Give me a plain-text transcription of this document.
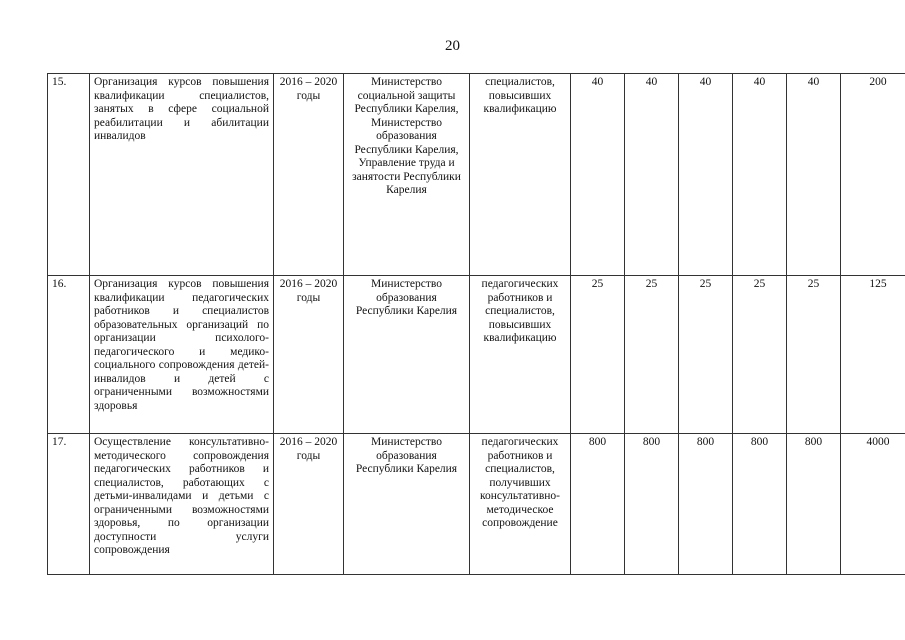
20
15.	Организация курсов повышения квалификации специалистов, занятых в сфере социальной реабилитации и абилитации инвалидов	2016 – 2020 годы	Министерство социальной защиты Республики Карелия, Министерство образования Республики Карелия, Управление труда и занятости Республики Карелия	специалистов, повысивших квалификацию	40	40	40	40	40	200
16.	Организация курсов повышения квалификации педагогических работников и специалистов образовательных организаций по организации психолого-педагогического и медико-социального сопровождения детей-инвалидов и детей с ограниченными возможностями здоровья	2016 – 2020 годы	Министерство образования Республики Карелия	педагогических работников и специалистов, повысивших квалификацию	25	25	25	25	25	125
17.	Осуществление консультативно-методического сопровождения педагогических работников и специалистов, работающих с детьми-инвалидами и детьми с ограниченными возможностями здоровья, по организации доступности услуги сопровождения	2016 – 2020 годы	Министерство образования Республики Карелия	педагогических работников и специалистов, получивших консультативно-методическое сопровождение	800	800	800	800	800	4000
